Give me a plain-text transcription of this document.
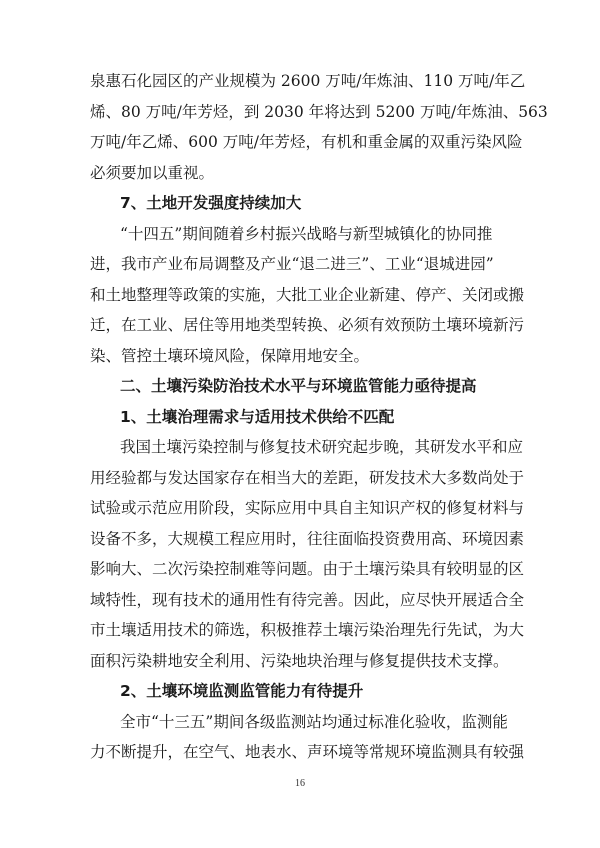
泉惠石化园区的产业规模为 2600 万吨/年炼油、110 万吨/年乙
烯、80 万吨/年芳烃，到 2030 年将达到 5200 万吨/年炼油、563
万吨/年乙烯、600 万吨/年芳烃，有机和重金属的双重污染风险
必须要加以重视。
7、土地开发强度持续加大
“十四五”期间随着乡村振兴战略与新型城镇化的协同推
进，我市产业布局调整及产业“退二进三”、工业“退城进园”
和土地整理等政策的实施，大批工业企业新建、停产、关闭或搬
迁，在工业、居住等用地类型转换、必须有效预防土壤环境新污
染、管控土壤环境风险，保障用地安全。
二、土壤污染防治技术水平与环境监管能力亟待提高
1、土壤治理需求与适用技术供给不匹配
我国土壤污染控制与修复技术研究起步晚，其研发水平和应
用经验都与发达国家存在相当大的差距，研发技术大多数尚处于
试验或示范应用阶段，实际应用中具自主知识产权的修复材料与
设备不多，大规模工程应用时，往往面临投资费用高、环境因素
影响大、二次污染控制难等问题。由于土壤污染具有较明显的区
域特性，现有技术的通用性有待完善。因此，应尽快开展适合全
市土壤适用技术的筛选，积极推荐土壤污染治理先行先试，为大
面积污染耕地安全利用、污染地块治理与修复提供技术支撑。
2、土壤环境监测监管能力有待提升
全市“十三五”期间各级监测站均通过标准化验收，监测能
力不断提升，在空气、地表水、声环境等常规环境监测具有较强
16
